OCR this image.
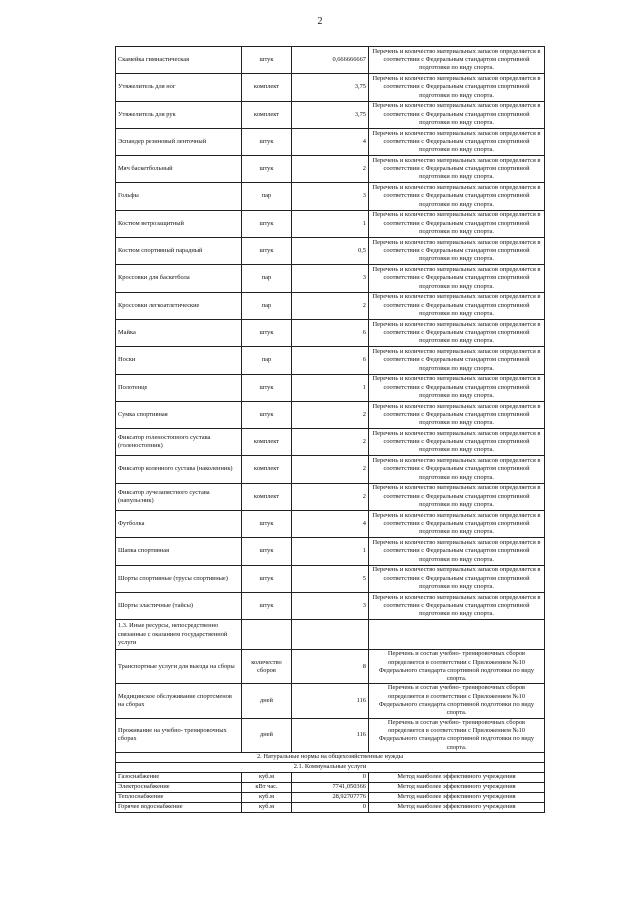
2
Скамейка гимнастическая	штук	0,666666667	Перечень и количество материальных запасов определяется в соответствии с Федеральным стандартом спортивной подготовки по виду спорта.
Утяжелитель для ног	комплект	3,75	Перечень и количество материальных запасов определяется в соответствии с Федеральным стандартом спортивной подготовки по виду спорта.
Утяжелитель для рук	комплект	3,75	Перечень и количество материальных запасов определяется в соответствии с Федеральным стандартом спортивной подготовки по виду спорта.
Эспандер резиновый ленточный	штук	4	Перечень и количество материальных запасов определяется в соответствии с Федеральным стандартом спортивной подготовки по виду спорта.
Мяч баскетбольный	штук	2	Перечень и количество материальных запасов определяется в соответствии с Федеральным стандартом спортивной подготовки по виду спорта.
Гольфы	пар	3	Перечень и количество материальных запасов определяется в соответствии с Федеральным стандартом спортивной подготовки по виду спорта.
Костюм ветрозащитный	штук	1	Перечень и количество материальных запасов определяется в соответствии с Федеральным стандартом спортивной подготовки по виду спорта.
Костюм спортивный парадный	штук	0,5	Перечень и количество материальных запасов определяется в соответствии с Федеральным стандартом спортивной подготовки по виду спорта.
Кроссовки для баскетбола	пар	3	Перечень и количество материальных запасов определяется в соответствии с Федеральным стандартом спортивной подготовки по виду спорта.
Кроссовки легкоатлетические	пар	2	Перечень и количество материальных запасов определяется в соответствии с Федеральным стандартом спортивной подготовки по виду спорта.
Майка	штук	6	Перечень и количество материальных запасов определяется в соответствии с Федеральным стандартом спортивной подготовки по виду спорта.
Носки	пар	6	Перечень и количество материальных запасов определяется в соответствии с Федеральным стандартом спортивной подготовки по виду спорта.
Полотенце	штук	1	Перечень и количество материальных запасов определяется в соответствии с Федеральным стандартом спортивной подготовки по виду спорта.
Сумка спортивная	штук	2	Перечень и количество материальных запасов определяется в соответствии с Федеральным стандартом спортивной подготовки по виду спорта.
Фиксатор голеностопного сустава (голеностопник)	комплект	2	Перечень и количество материальных запасов определяется в соответствии с Федеральным стандартом спортивной подготовки по виду спорта.
Фиксатор коленного сустава (наколенник)	комплект	2	Перечень и количество материальных запасов определяется в соответствии с Федеральным стандартом спортивной подготовки по виду спорта.
Фиксатор лучезапястного сустава (напульсник)	комплект	2	Перечень и количество материальных запасов определяется в соответствии с Федеральным стандартом спортивной подготовки по виду спорта.
Футболка	штук	4	Перечень и количество материальных запасов определяется в соответствии с Федеральным стандартом спортивной подготовки по виду спорта.
Шапка спортивная	штук	1	Перечень и количество материальных запасов определяется в соответствии с Федеральным стандартом спортивной подготовки по виду спорта.
Шорты спортивные (трусы спортивные)	штук	5	Перечень и количество материальных запасов определяется в соответствии с Федеральным стандартом спортивной подготовки по виду спорта.
Шорты эластичные (тайсы)	штук	3	Перечень и количество материальных запасов определяется в соответствии с Федеральным стандартом спортивной подготовки по виду спорта.
1.3. Иные ресурсы, непосредственно связанные с оказанием государственной услуги			
Транспортные услуги для выезда на сборы	количество сборов	8	Перечень и состав учебно- тренировочных сборов определяется в соответствии с Приложением №10 Федерального стандарта спортивной подготовки по виду спорта.
Медицинское обслуживание спортсменов на сборах	дней	116	Перечень и состав учебно- тренировочных сборов определяется в соответствии с Приложением №10 Федерального стандарта спортивной подготовки по виду спорта.
Проживание на учебно- тренировочных сборах	дней	116	Перечень и состав учебно- тренировочных сборов определяется в соответствии с Приложением №10 Федерального стандарта спортивной подготовки по виду спорта.
2. Натуральные нормы на общехозяйственные нужды			
2.1. Коммунальные услуги			
Газоснабжение	куб.м	0	Метод наиболее эффективного учреждения
Электроснабжение	кВт час.	7741,050366	Метод наиболее эффективного учреждения
Теплоснабжение	куб.м	28,92707776	Метод наиболее эффективного учреждения
Горячее водоснабжение	куб.м	0	Метод наиболее эффективного учреждения
